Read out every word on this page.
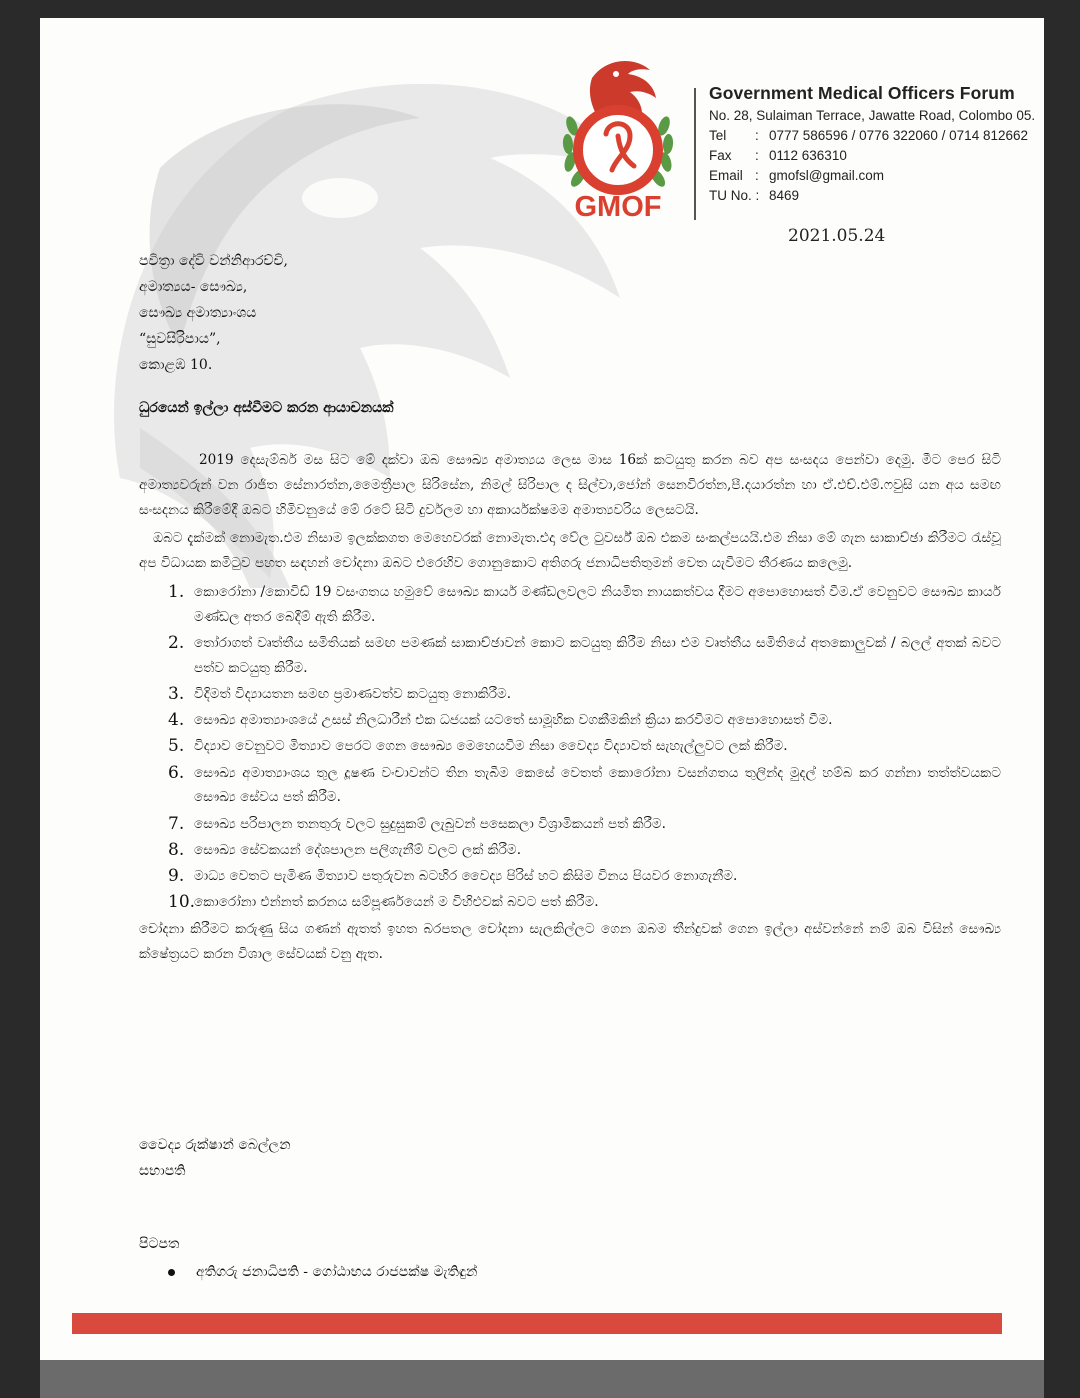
GMOF
Government Medical Officers Forum
No. 28, Sulaiman Terrace, Jawatte Road, Colombo 05.
Tel	: 0777 586596 / 0776 322060 / 0714 812662
Fax	: 0112 636310
Email : gmofsl@gmail.com
TU No. : 8469
2021.05.24
පවිත්‍රා දේවි වන්නිආරච්චි,
අමාත්‍යය- සෞඛ්‍ය,
සෞඛ්‍ය අමාත්‍යාංශය
“සුවසිරිපාය”,
කොළඹ 10.
ධුරයෙන් ඉල්ලා අස්වීමට කරන ආයාචනයක්

2019 දෙසැම්බර් මස සිට මේ දක්වා ඔබ සෞඛ්‍ය අමාත්‍යය ලෙස මාස 16ක් කටයුතු කරන බව අප සංසදය පෙන්වා දෙමු. මීට පෙර සිටි අමාත්‍යවරුන් වන රාජිත සේනාරත්න,මෛත්‍රීපාල සිරිසේන, නිමල් සිරිපාල ද සිල්වා,ජෝන් සෙනවිරත්න,පී.දයාරත්න හා ඒ.එච්.එම්.ෆවුසි යන අය සමඟ සංසදනය කිරීමේදී ඔබට හිමිවනුයේ මේ රටේ සිටි දුර්වලම හා අකාර්යක්ෂමම අමාත්‍යවරිය ලෙසටයි.

ඔබට දැක්මක් නොමැත.එම නිසාම ඉලක්කගත මෙහෙවරක් නොමැත.එදා වේල ටුවර්ස් ඔබ එකම සංකල්පයයි.එම නිසා මේ ගැන සාකාච්ඡා කිරීමට රැස්වූ අප විධායක කමිටුව පහත සඳහන් චෝදනා ඔබට එරෙහිව ගොනුකොට අතිගරු ජනාධිපතිතුමන් වෙත යැවීමට තීරණය කලෙමු.

1. කොරෝනා /කොවිඩ් 19 වසංගතය හමුවේ සෞඛ්‍ය කාර්ය මණ්ඩලවලට නියමිත නායකත්වය දීමට අපොහොසත් වීම.ඒ වෙනුවට සෞඛ්‍ය කාර්ය මණ්ඩල අතර බෙදීම් ඇති කිරීම.
2. තෝරාගත් වෘත්තීය සමිතියක් සමඟ පමණක් සාකාච්ඡාවන් කොට කටයුතු කිරීම නිසා එම වෘත්තීය සමිතියේ අතකොලුවක් / බලල් අතක් බවට පත්ව කටයුතු කිරීම.
3. විදිමත් විද්‍යායතන සමඟ ප්‍රමාණවත්ව කටයුතු නොකිරීම.
4. සෞඛ්‍ය අමාත්‍යාංශයේ උසස් නිලධාරීන් එක ධජයක් යටතේ සාමූහික වගකීමකින් ක්‍රියා කරවීමට අපොහොසත් වීම.
5. විද්‍යාව වෙනුවට මිත්‍යාව පෙරට ගෙන සෞඛ්‍ය මෙහෙයවීම නිසා වෛද්‍ය විද්‍යාවත් සැහැල්ලුවට ලක් කිරීම.
6. සෞඛ්‍ය අමාත්‍යාංශය තුල දූෂණ වංචාවන්ට තින තැබීම කෙසේ වෙතත් කොරෝනා වසන්ගතය තුලින්ද මුදල් හම්බ කර ගන්නා තත්ත්වයකට සෞඛ්‍ය සේවය පත් කිරීම.
7. සෞඛ්‍ය පරිපාලන තනතුරු වලට සුදුසුකම් ලැබුවන් පසෙකලා විශ්‍රාමිකයන් පත් කිරීම.
8. සෞඛ්‍ය සේවකයන් දේශපාලන පලිගැනීම් වලට ලක් කිරීම.
9. මාධ්‍ය වෙතට පැමිණ මිත්‍යාව පතුරුවන බටහිර වෛද්‍ය පිරිස් හට කිසිම විනය පියවර නොගැනීම.
10.
කොරෝනා එන්නත් කරනය සම්පූර්ණයෙන් ම විහිළුවක් බවට පත් කිරීම.

චෝදනා කිරීමට කරුණු සිය ගණන් ඇතත් ඉහත බරපතල චෝදනා සැලකිල්ලට ගෙන ඔබම තීන්දුවක් ගෙන ඉල්ලා අස්වන්නේ නම් ඔබ විසින් සෞඛ්‍ය ක්ෂේත්‍රයට කරන විශාල සේවයක් වනු ඇත.

වෛද්‍ය රුක්ෂාන් බෙල්ලන
සභාපති
පිටපත
අතිගරු ජනාධිපති - ගෝඨාභය රාජපක්ෂ මැතිඳුන්
